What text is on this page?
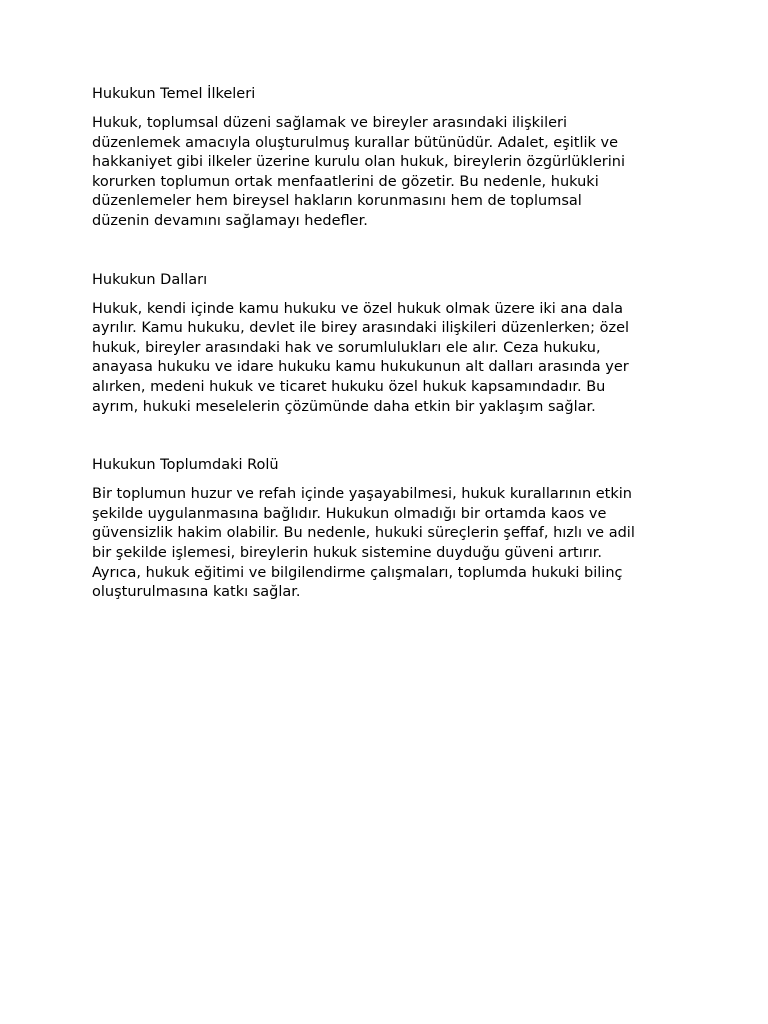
Hukukun Temel İlkeleri

Hukuk, toplumsal düzeni sağlamak ve bireyler arasındaki ilişkileri
düzenlemek amacıyla oluşturulmuş kurallar bütünüdür. Adalet, eşitlik ve
hakkaniyet gibi ilkeler üzerine kurulu olan hukuk, bireylerin özgürlüklerini
korurken toplumun ortak menfaatlerini de gözetir. Bu nedenle, hukuki
düzenlemeler hem bireysel hakların korunmasını hem de toplumsal
düzenin devamını sağlamayı hedefler.

Hukukun Dalları

Hukuk, kendi içinde kamu hukuku ve özel hukuk olmak üzere iki ana dala
ayrılır. Kamu hukuku, devlet ile birey arasındaki ilişkileri düzenlerken; özel
hukuk, bireyler arasındaki hak ve sorumlulukları ele alır. Ceza hukuku,
anayasa hukuku ve idare hukuku kamu hukukunun alt dalları arasında yer
alırken, medeni hukuk ve ticaret hukuku özel hukuk kapsamındadır. Bu
ayrım, hukuki meselelerin çözümünde daha etkin bir yaklaşım sağlar.

Hukukun Toplumdaki Rolü

Bir toplumun huzur ve refah içinde yaşayabilmesi, hukuk kurallarının etkin
şekilde uygulanmasına bağlıdır. Hukukun olmadığı bir ortamda kaos ve
güvensizlik hakim olabilir. Bu nedenle, hukuki süreçlerin şeffaf, hızlı ve adil
bir şekilde işlemesi, bireylerin hukuk sistemine duyduğu güveni artırır.
Ayrıca, hukuk eğitimi ve bilgilendirme çalışmaları, toplumda hukuki bilinç
oluşturulmasına katkı sağlar.
